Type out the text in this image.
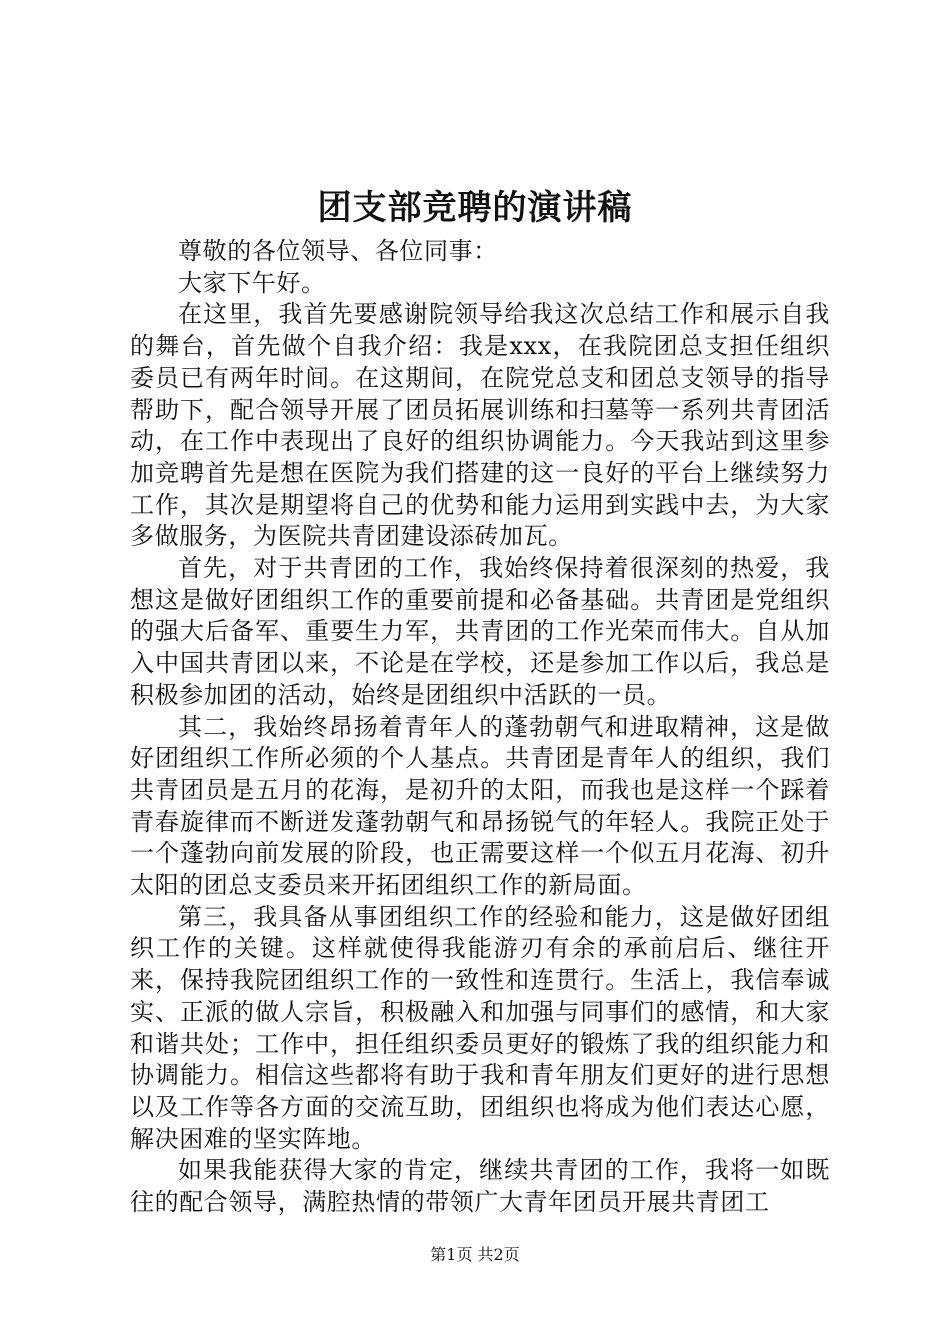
团支部竞聘的演讲稿

尊敬的各位领导、各位同事：

大家下午好。

在这里，我首先要感谢院领导给我这次总结工作和展示自我的舞台，首先做个自我介绍：我是xxx，在我院团总支担任组织委员已有两年时间。在这期间，在院党总支和团总支领导的指导帮助下，配合领导开展了团员拓展训练和扫墓等一系列共青团活动，在工作中表现出了良好的组织协调能力。今天我站到这里参加竞聘首先是想在医院为我们搭建的这一良好的平台上继续努力工作，其次是期望将自己的优势和能力运用到实践中去，为大家多做服务，为医院共青团建设添砖加瓦。

首先，对于共青团的工作，我始终保持着很深刻的热爱，我想这是做好团组织工作的重要前提和必备基础。共青团是党组织的强大后备军、重要生力军，共青团的工作光荣而伟大。自从加入中国共青团以来，不论是在学校，还是参加工作以后，我总是积极参加团的活动，始终是团组织中活跃的一员。

其二，我始终昂扬着青年人的蓬勃朝气和进取精神，这是做好团组织工作所必须的个人基点。共青团是青年人的组织，我们共青团员是五月的花海，是初升的太阳，而我也是这样一个踩着青春旋律而不断迸发蓬勃朝气和昂扬锐气的年轻人。我院正处于一个蓬勃向前发展的阶段，也正需要这样一个似五月花海、初升太阳的团总支委员来开拓团组织工作的新局面。

第三，我具备从事团组织工作的经验和能力，这是做好团组织工作的关键。这样就使得我能游刃有余的承前启后、继往开来，保持我院团组织工作的一致性和连贯行。生活上，我信奉诚实、正派的做人宗旨，积极融入和加强与同事们的感情，和大家和谐共处；工作中，担任组织委员更好的锻炼了我的组织能力和协调能力。相信这些都将有助于我和青年朋友们更好的进行思想以及工作等各方面的交流互助，团组织也将成为他们表达心愿，解决困难的坚实阵地。

如果我能获得大家的肯定，继续共青团的工作，我将一如既往的配合领导，满腔热情的带领广大青年团员开展共青团工

第1页 共2页
